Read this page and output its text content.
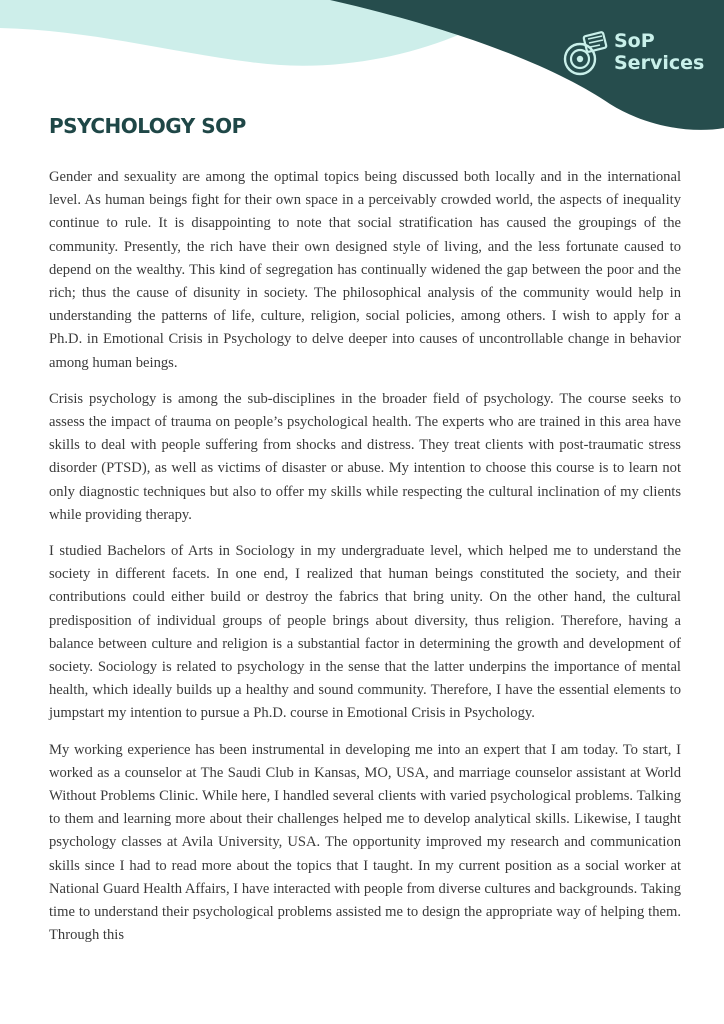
SoP
Services
PSYCHOLOGY SOP

Gender and sexuality are among the optimal topics being discussed both locally and in the international level. As human beings fight for their own space in a perceivably crowded world, the aspects of inequality continue to rule. It is disappointing to note that social stratification has caused the groupings of the community. Presently, the rich have their own designed style of living, and the less fortunate caused to depend on the wealthy. This kind of segregation has continually widened the gap between the poor and the rich; thus the cause of disunity in society. The philosophical analysis of the community would help in understanding the patterns of life, culture, religion, social policies, among others. I wish to apply for a Ph.D. in Emotional Crisis in Psychology to delve deeper into causes of uncontrollable change in behavior among human beings.

Crisis psychology is among the sub-disciplines in the broader field of psychology. The course seeks to assess the impact of trauma on people’s psychological health. The experts who are trained in this area have skills to deal with people suffering from shocks and distress. They treat clients with post-traumatic stress disorder (PTSD), as well as victims of disaster or abuse. My intention to choose this course is to learn not only diagnostic techniques but also to offer my skills while respecting the cultural inclination of my clients while providing therapy.

I studied Bachelors of Arts in Sociology in my undergraduate level, which helped me to understand the society in different facets. In one end, I realized that human beings constituted the society, and their contributions could either build or destroy the fabrics that bring unity. On the other hand, the cultural predisposition of individual groups of people brings about diversity, thus religion. Therefore, having a balance between culture and religion is a substantial factor in determining the growth and development of society. Sociology is related to psychology in the sense that the latter underpins the importance of mental health, which ideally builds up a healthy and sound community. Therefore, I have the essential elements to jumpstart my intention to pursue a Ph.D. course in Emotional Crisis in Psychology.

My working experience has been instrumental in developing me into an expert that I am today. To start, I worked as a counselor at The Saudi Club in Kansas, MO, USA, and marriage counselor assistant at World Without Problems Clinic. While here, I handled several clients with varied psychological problems. Talking to them and learning more about their challenges helped me to develop analytical skills. Likewise, I taught psychology classes at Avila University, USA. The opportunity improved my research and communication skills since I had to read more about the topics that I taught. In my current position as a social worker at National Guard Health Affairs, I have interacted with people from diverse cultures and backgrounds. Taking time to understand their psychological problems assisted me to design the appropriate way of helping them. Through this
